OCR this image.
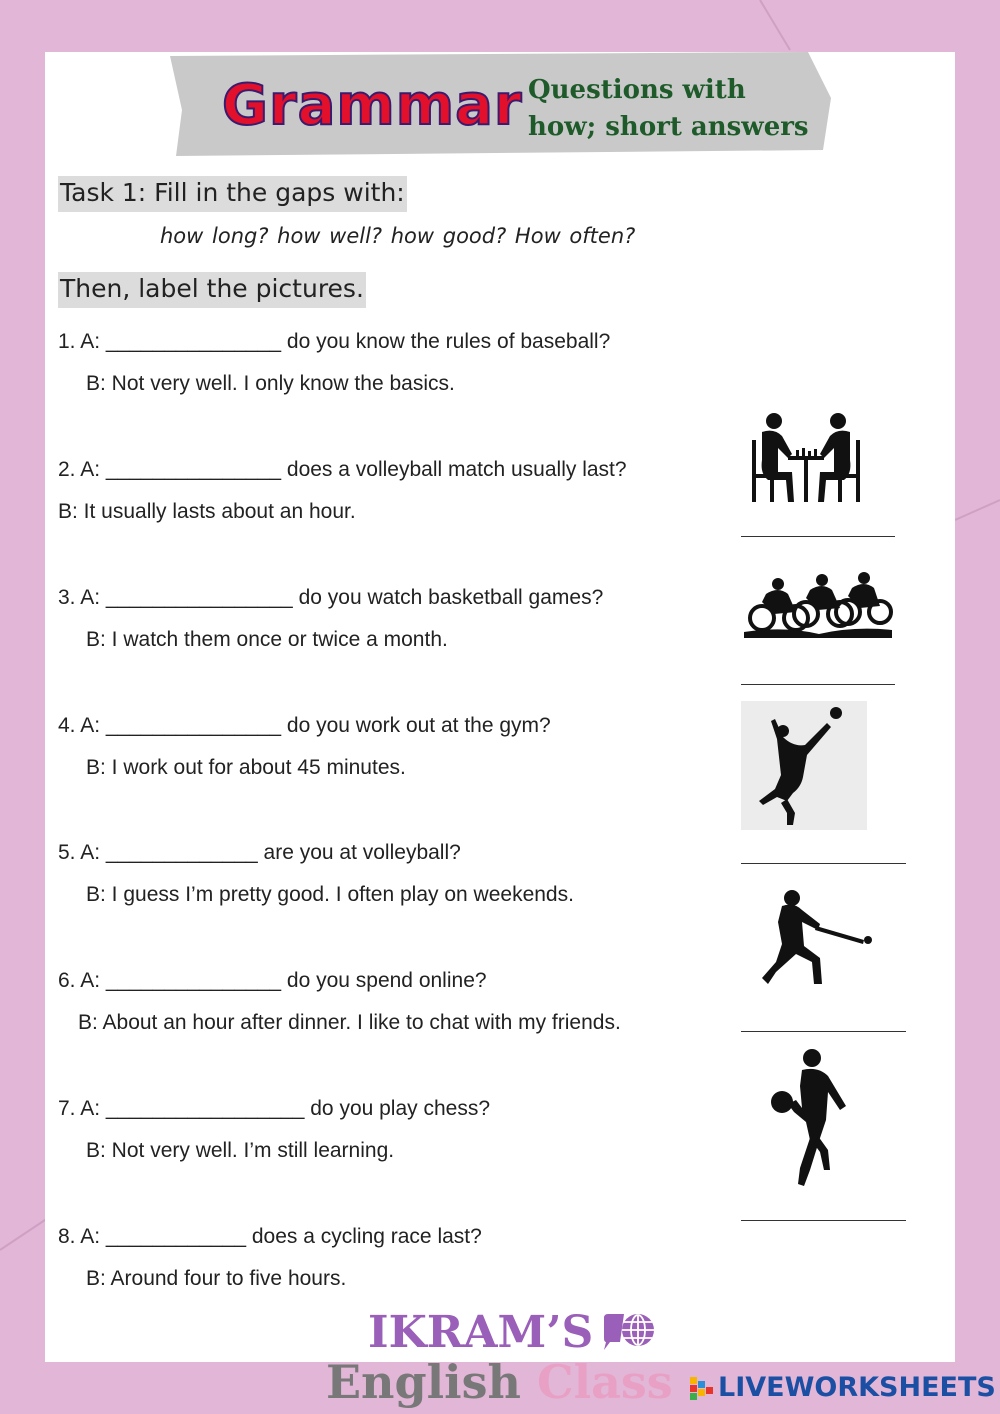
Grammar Questions with
how; short answers
Task 1: Fill in the gaps with:
how long? how well? how good? How often?
Then, label the pictures.
1. A: _______________ do you know the rules of baseball?
B: Not very well. I only know the basics.
2. A: _______________ does a volleyball match usually last?
B: It usually lasts about an hour.
3. A: ________________ do you watch basketball games?
B: I watch them once or twice a month.
4. A: _______________ do you work out at the gym?
B: I work out for about 45 minutes.
5. A: _____________ are you at volleyball?
B: I guess I’m pretty good. I often play on weekends.
6. A: _______________ do you spend online?
B: About an hour after dinner. I like to chat with my friends.
7. A: _________________ do you play chess?
B: Not very well. I’m still learning.
8. A: ____________ does a cycling race last?
B: Around four to five hours.
IKRAM’S
English Class LIVEWORKSHEETS
